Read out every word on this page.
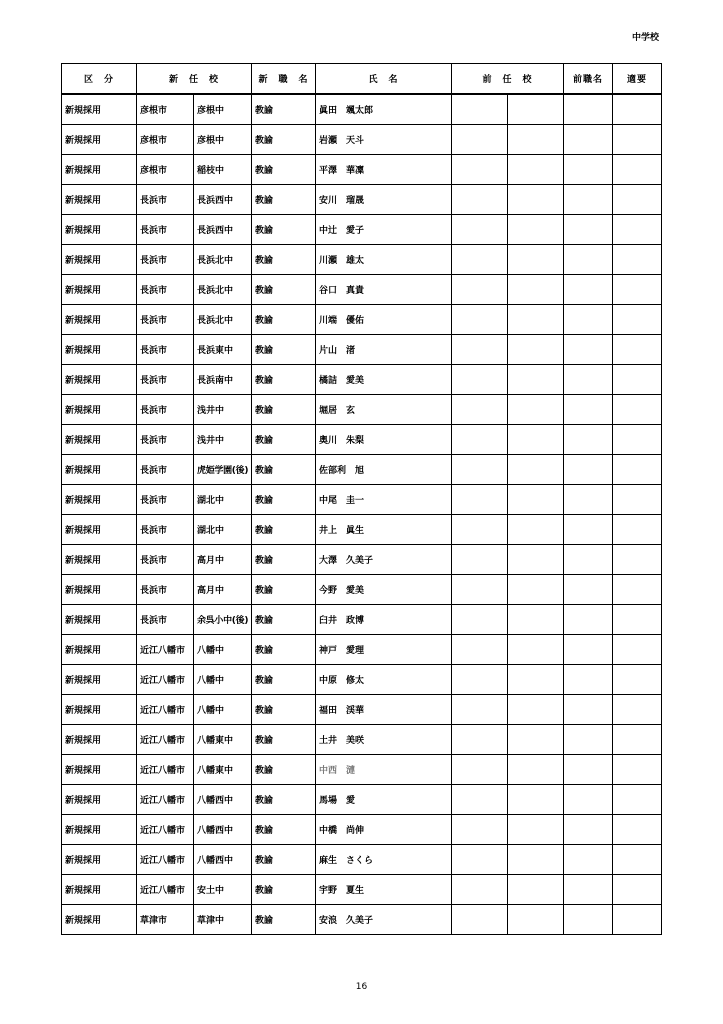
中学校
区　分	新　任　校		新　職　名	氏　名	前　任　校		前職名	適要
新規採用	彦根市	彦根中	教諭	眞田　颯太郎				
新規採用	彦根市	彦根中	教諭	岩瀬　天斗				
新規採用	彦根市	稲枝中	教諭	平澤　華凜				
新規採用	長浜市	長浜西中	教諭	安川　瑠晟				
新規採用	長浜市	長浜西中	教諭	中辻　愛子				
新規採用	長浜市	長浜北中	教諭	川瀬　雄太				
新規採用	長浜市	長浜北中	教諭	谷口　真貴				
新規採用	長浜市	長浜北中	教諭	川端　優佑				
新規採用	長浜市	長浜東中	教諭	片山　渚				
新規採用	長浜市	長浜南中	教諭	橘詰　愛美				
新規採用	長浜市	浅井中	教諭	堀居　玄				
新規採用	長浜市	浅井中	教諭	奥川　朱梨				
新規採用	長浜市	虎姫学園(後)	教諭	佐部利　旭				
新規採用	長浜市	湖北中	教諭	中尾　圭一				
新規採用	長浜市	湖北中	教諭	井上　眞生				
新規採用	長浜市	高月中	教諭	大澤　久美子				
新規採用	長浜市	高月中	教諭	今野　愛美				
新規採用	長浜市	余呉小中(後)	教諭	臼井　政博				
新規採用	近江八幡市	八幡中	教諭	神戸　愛理				
新規採用	近江八幡市	八幡中	教諭	中原　修太				
新規採用	近江八幡市	八幡中	教諭	福田　渓華				
新規採用	近江八幡市	八幡東中	教諭	土井　美咲				
新規採用	近江八幡市	八幡東中	教諭	中西　漣				
新規採用	近江八幡市	八幡西中	教諭	馬場　愛				
新規採用	近江八幡市	八幡西中	教諭	中橋　尚伸				
新規採用	近江八幡市	八幡西中	教諭	麻生　さくら				
新規採用	近江八幡市	安土中	教諭	宇野　夏生				
新規採用	草津市	草津中	教諭	安浪　久美子				
16
